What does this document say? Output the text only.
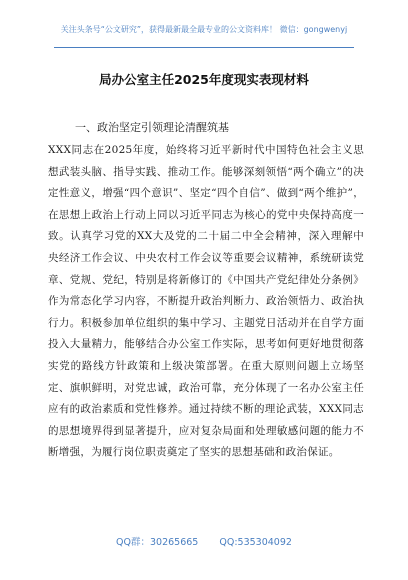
关注头条号“公文研究”，获得最新最全最专业的公文资料库！ 微信：gongwenyj
局办公室主任2025年度现实表现材料
一、政治坚定引领理论清醒筑基

XXX同志在2025年度，始终将习近平新时代中国特色社会主义思想武装头脑、指导实践、推动工作。能够深刻领悟“两个确立”的决定性意义，增强“四个意识”、坚定“四个自信”、做到“两个维护”，在思想上政治上行动上同以习近平同志为核心的党中央保持高度一致。认真学习党的XX大及党的二十届二中全会精神，深入理解中央经济工作会议、中央农村工作会议等重要会议精神，系统研读党章、党规、党纪，特别是将新修订的《中国共产党纪律处分条例》作为常态化学习内容，不断提升政治判断力、政治领悟力、政治执行力。积极参加单位组织的集中学习、主题党日活动并在自学方面投入大量精力，能够结合办公室工作实际，思考如何更好地贯彻落实党的路线方针政策和上级决策部署。在重大原则问题上立场坚定、旗帜鲜明，对党忠诚，政治可靠，充分体现了一名办公室主任应有的政治素质和党性修养。通过持续不断的理论武装，XXX同志的思想境界得到显著提升，应对复杂局面和处理敏感问题的能力不断增强，为履行岗位职责奠定了坚实的思想基础和政治保证。

QQ群：30265665 QQ:535304092
